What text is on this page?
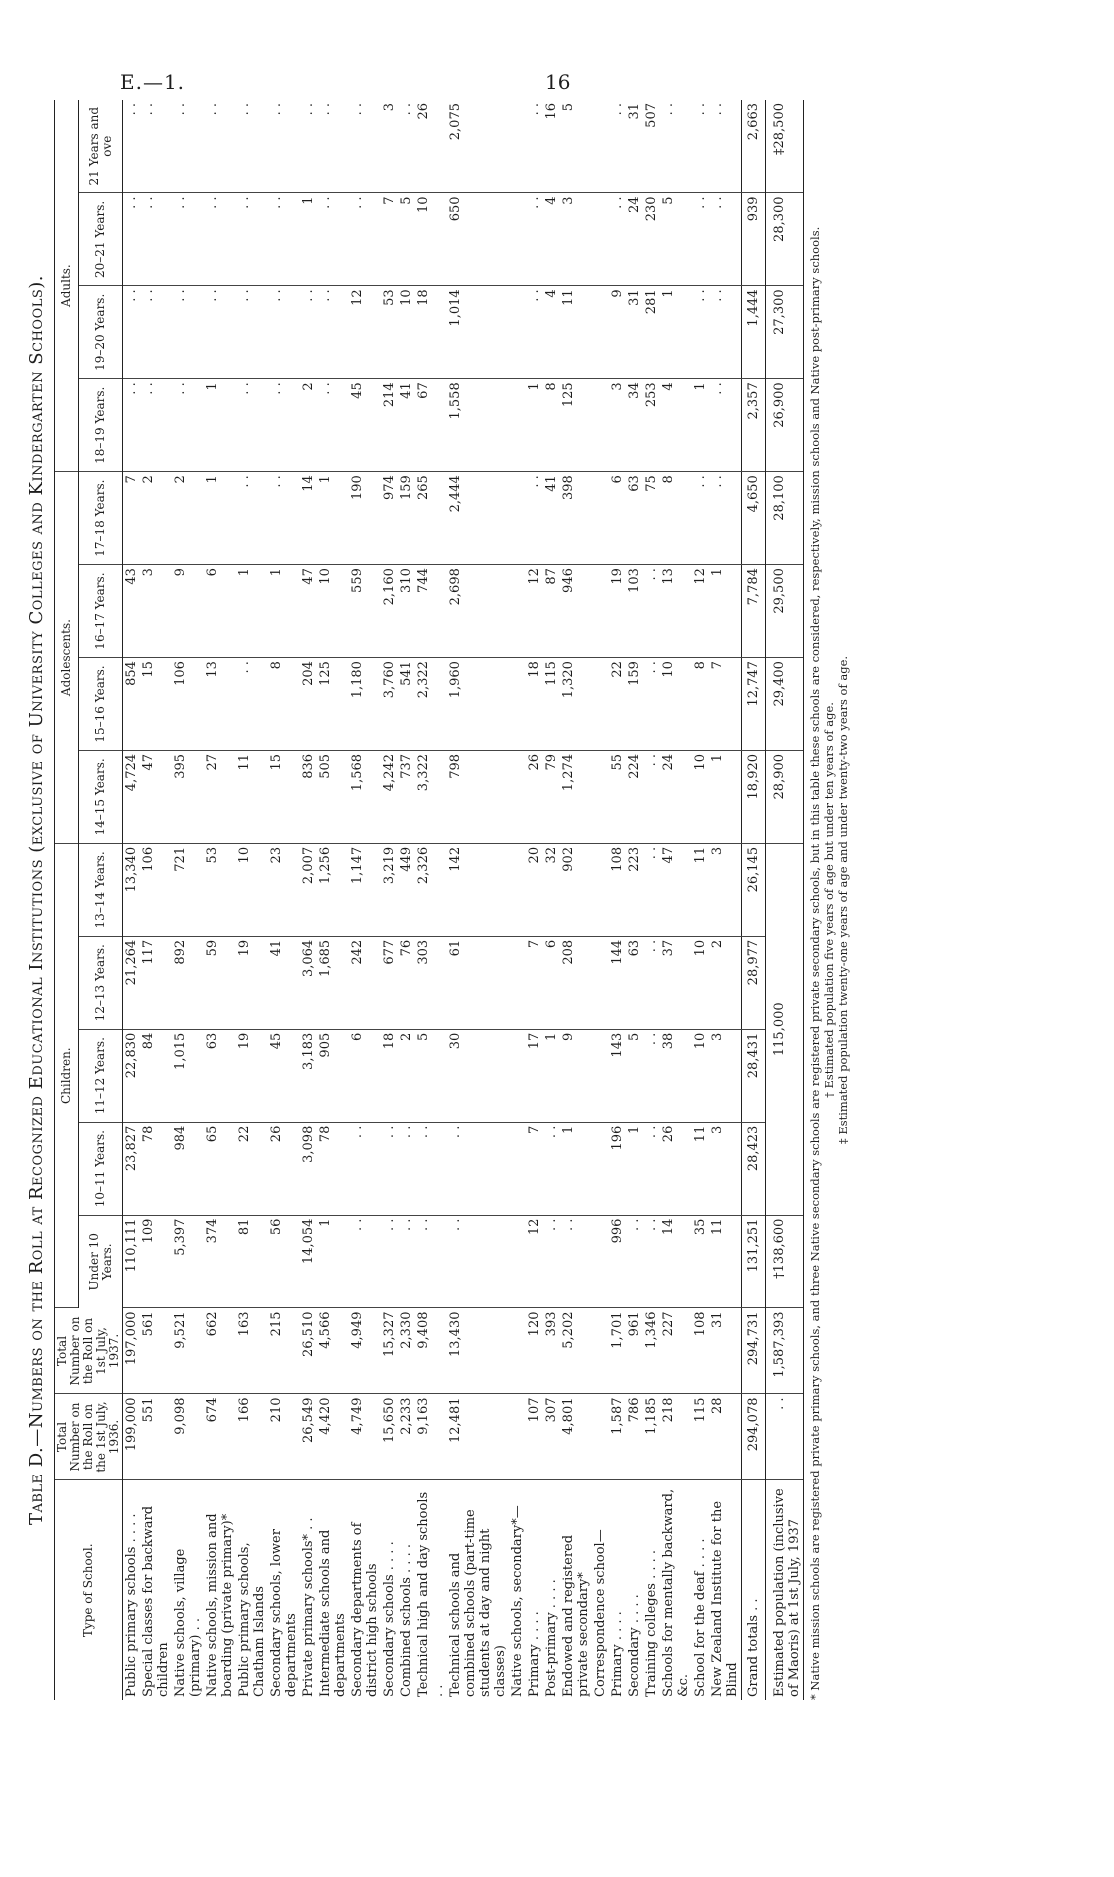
E.—1.	16
Table D.—Numbers on the Roll at Recognized Educational Institutions (exclusive of University Colleges and Kindergarten Schools).
Type of School.	Total Number on the Roll on the 1st July, 1936.	Total Number on the Roll on 1st July, 1937.	Children.					Adolescents.				Adults.			
			Under 10 Years.	10–11 Years.	11–12 Years.	12–13 Years.	13–14 Years.	14–15 Years.	15–16 Years.	16–17 Years.	17–18 Years.	18–19 Years.	19–20 Years.	20–21 Years.	21 Years and ove
Public primary schools . . . .	199,000	197,000	110,111	23,827	22,830	21,264	13,340	4,724	854	43	7	. .	. .	. .	. .
Special classes for backward children	551	561	109	78	84	117	106	47	15	3	2	. .	. .	. .	. .
Native schools, village (primary) . .	9,098	9,521	5,397	984	1,015	892	721	395	106	9	2	. .	. .	. .	. .
Native schools, mission and boarding (private primary)*	674	662	374	65	63	59	53	27	13	6	1	1	. .	. .	. .
Public primary schools, Chatham Islands	166	163	81	22	19	19	10	11	. .	1	. .	. .	. .	. .	. .
Secondary schools, lower departments	210	215	56	26	45	41	23	15	8	1	. .	. .	. .	. .	. .
Private primary schools* . .	26,549	26,510	14,054	3,098	3,183	3,064	2,007	836	204	47	14	2	. .	1	. .
Intermediate schools and departments	4,420	4,566	1	78	905	1,685	1,256	505	125	10	1	. .	. .	. .	. .
Secondary departments of district high schools	4,749	4,949	. .	. .	6	242	1,147	1,568	1,180	559	190	45	12	. .	. .
Secondary schools . . . .	15,650	15,327	. .	. .	18	677	3,219	4,242	3,760	2,160	974	214	53	7	3
Combined schools . . . .	2,233	2,330	. .	. .	2	76	449	737	541	310	159	41	10	5	. .
Technical high and day schools . .	9,163	9,408	. .	. .	5	303	2,326	3,322	2,322	744	265	67	18	10	26
Technical schools and combined schools (part-time students at day and night classes)	12,481	13,430	. .	. .	30	61	142	798	1,960	2,698	2,444	1,558	1,014	650	2,075
Native schools, secondary*—															
Primary . . . .	107	120	12	7	17	7	20	26	18	12	. .	1	. .	. .	. .
Post-primary . . . .	307	393	. .	. .	1	6	32	79	115	87	41	8	4	4	16
Endowed and registered private secondary*	4,801	5,202	. .	1	9	208	902	1,274	1,320	946	398	125	11	3	5
Correspondence school—															
Primary . . . .	1,587	1,701	996	196	143	144	108	55	22	19	6	3	9	. .	. .
Secondary . . . .	786	961	. .	1	5	63	223	224	159	103	63	34	31	24	31
Training colleges . . . .	1,185	1,346	. .	. .	. .	. .	. .	. .	. .	. .	75	253	281	230	507
Schools for mentally backward, &c.	218	227	14	26	38	37	47	24	10	13	8	4	1	5	. .
School for the deaf . . . .	115	108	35	11	10	10	11	10	8	12	. .	1	. .	. .	. .
New Zealand Institute for the Blind	28	31	11	3	3	2	3	1	7	1	. .	. .	. .	. .	. .
Grand totals . .	294,078	294,731	131,251	28,423	28,431	28,977	26,145	18,920	12,747	7,784	4,650	2,357	1,444	939	2,663
Estimated population (inclusive of Maoris) at 1st July, 1937	. .	1,587,393	†138,600	115,000				28,900	29,400	29,500	28,100	26,900	27,300	28,300	‡28,500
* Native mission schools are registered private primary schools, and three Native secondary schools are registered private secondary schools, but in this table these schools are considered, respectively, mission schools and Native post-primary schools. † Estimated population five years of age but under ten years of age. ‡ Estimated population twenty-one years of age and under twenty-two years of age.
